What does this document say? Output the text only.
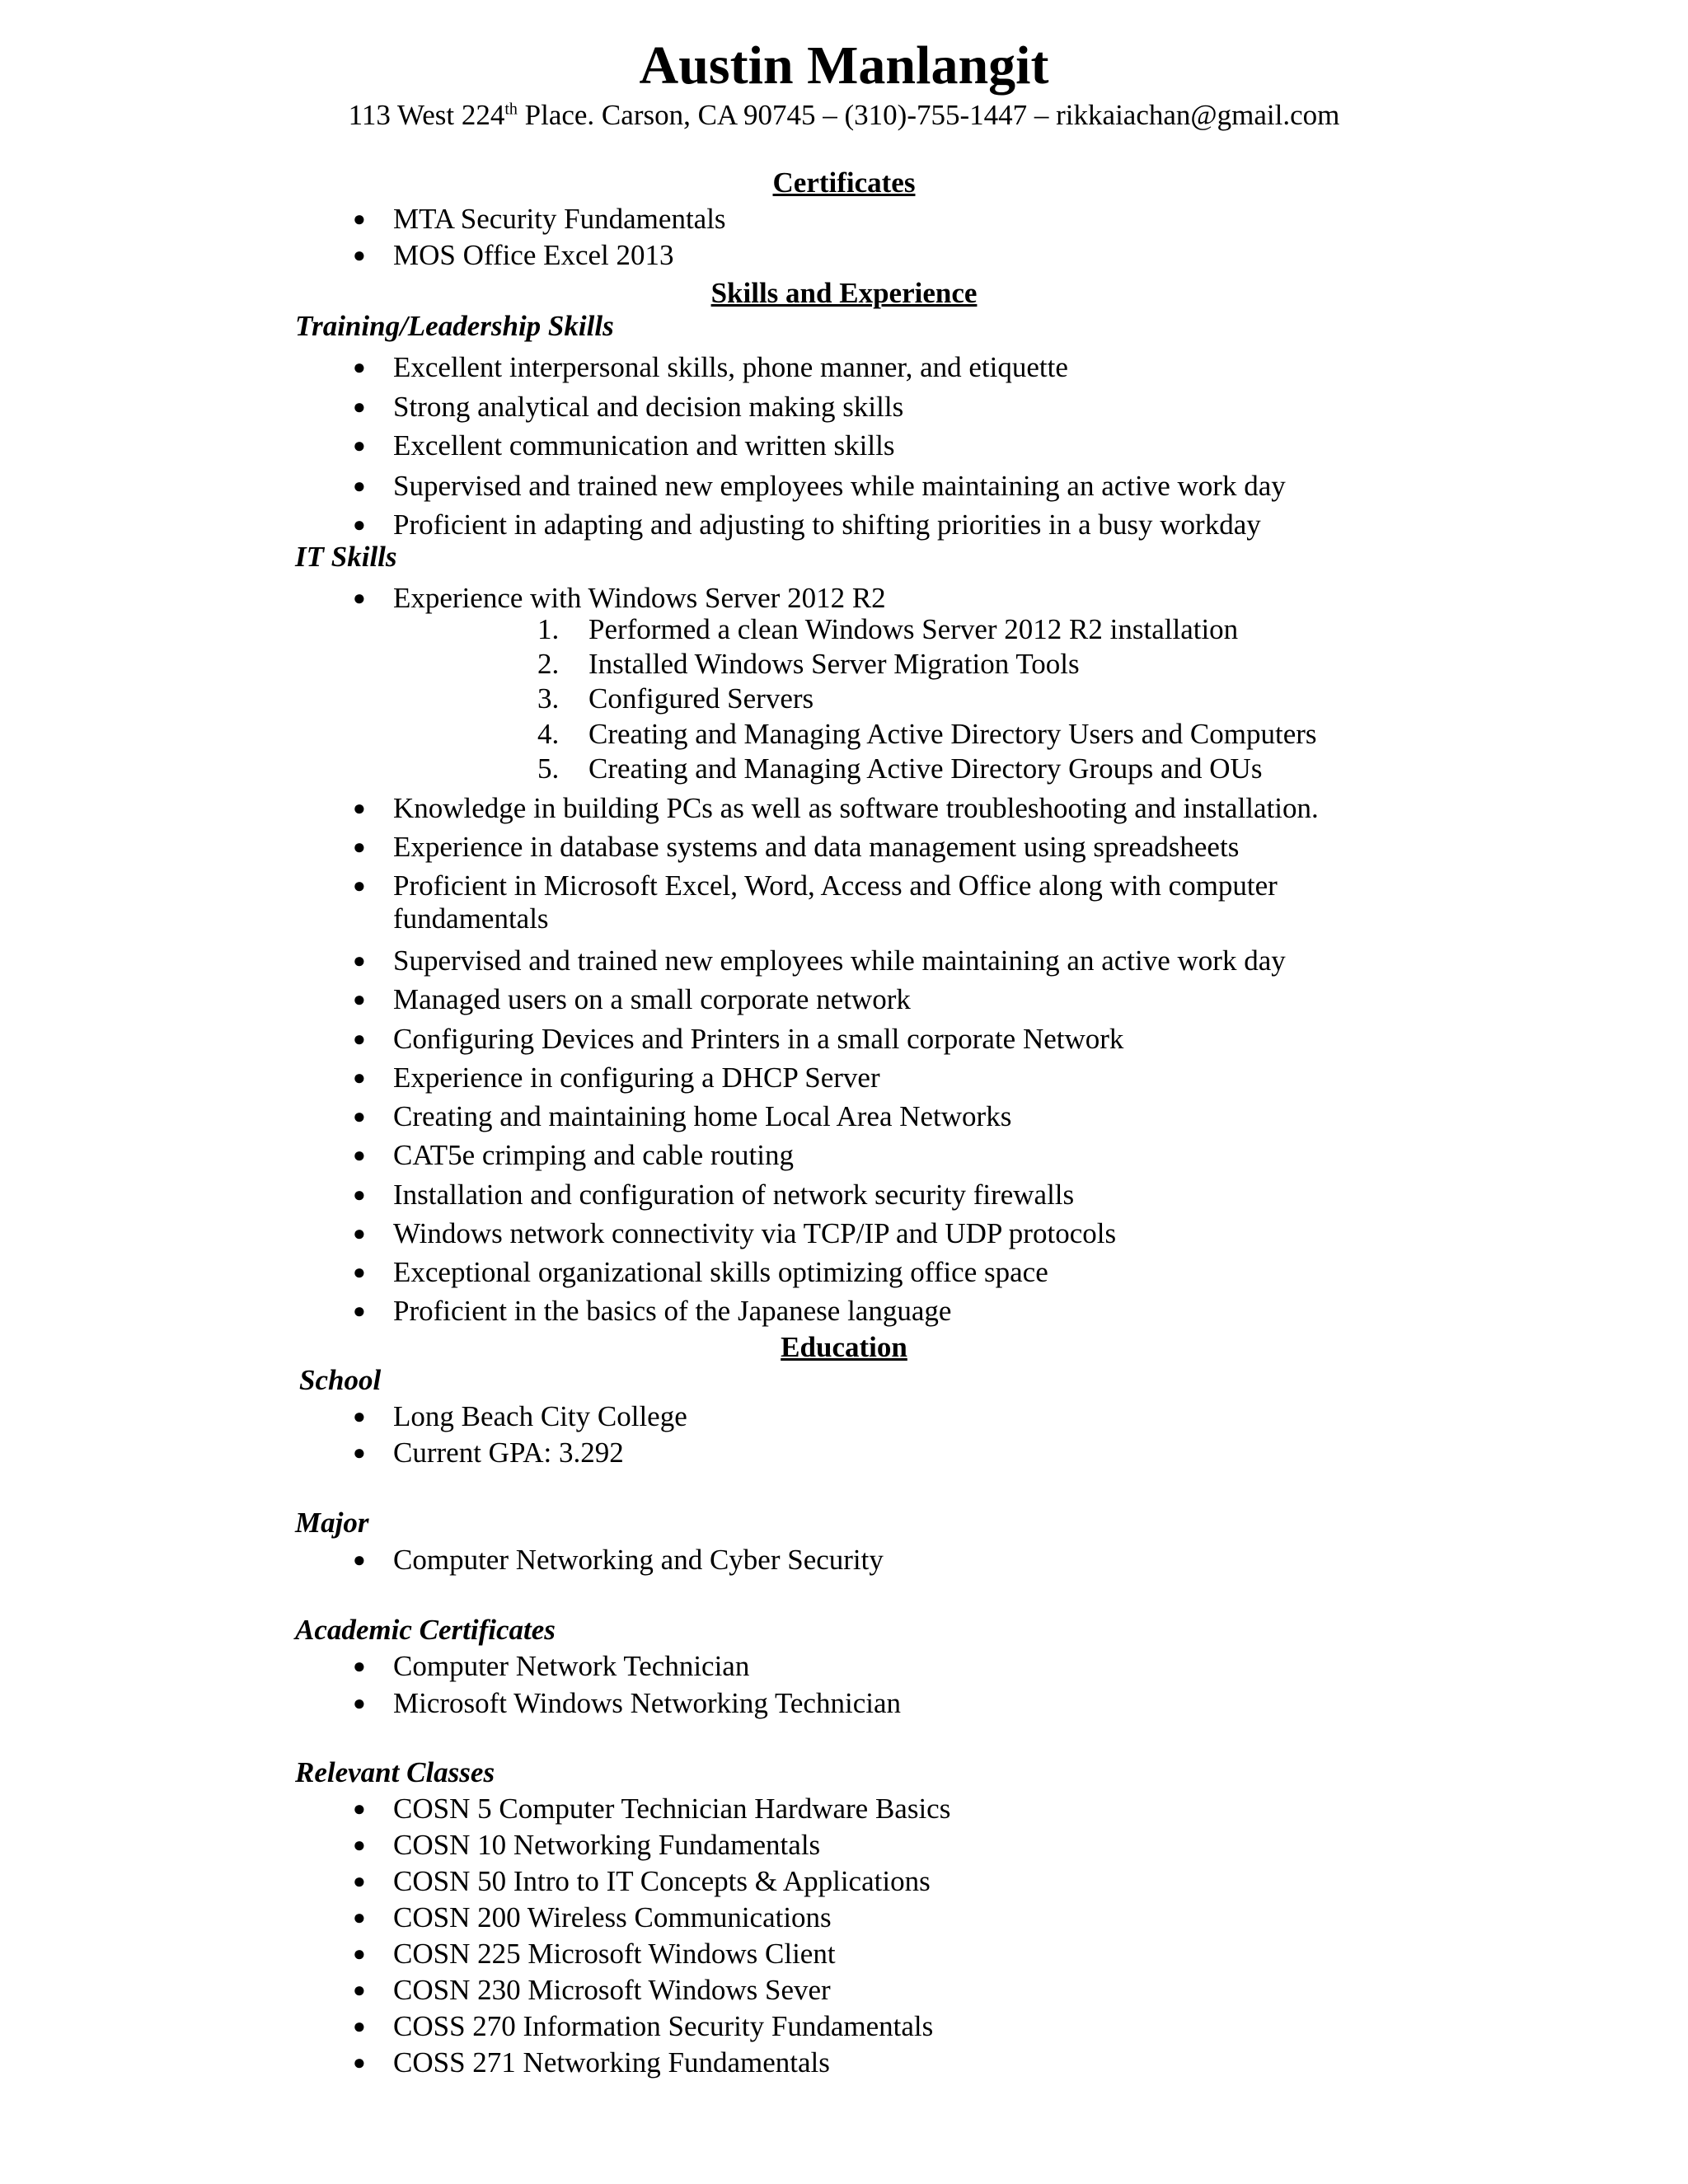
Austin Manlangit
113 West 224th Place. Carson, CA 90745 – (310)-755-1447 – rikkaiachan@gmail.com
Certificates
● MTA Security Fundamentals
● MOS Office Excel 2013
Skills and Experience
Training/Leadership Skills
● Excellent interpersonal skills, phone manner, and etiquette
● Strong analytical and decision making skills
● Excellent communication and written skills
● Supervised and trained new employees while maintaining an active work day
● Proficient in adapting and adjusting to shifting priorities in a busy workday
IT Skills
● Experience with Windows Server 2012 R2
1. Performed a clean Windows Server 2012 R2 installation
2. Installed Windows Server Migration Tools
3. Configured Servers
4. Creating and Managing Active Directory Users and Computers
5. Creating and Managing Active Directory Groups and OUs
● Knowledge in building PCs as well as software troubleshooting and installation.
● Experience in database systems and data management using spreadsheets
● Proficient in Microsoft Excel, Word, Access and Office along with computer
fundamentals
● Supervised and trained new employees while maintaining an active work day
● Managed users on a small corporate network
● Configuring Devices and Printers in a small corporate Network
● Experience in configuring a DHCP Server
● Creating and maintaining home Local Area Networks
● CAT5e crimping and cable routing
● Installation and configuration of network security firewalls
● Windows network connectivity via TCP/IP and UDP protocols
● Exceptional organizational skills optimizing office space
● Proficient in the basics of the Japanese language
Education
School
● Long Beach City College
● Current GPA: 3.292
Major
● Computer Networking and Cyber Security
Academic Certificates
● Computer Network Technician
● Microsoft Windows Networking Technician
Relevant Classes
● COSN 5 Computer Technician Hardware Basics
● COSN 10 Networking Fundamentals
● COSN 50 Intro to IT Concepts & Applications
● COSN 200 Wireless Communications
● COSN 225 Microsoft Windows Client
● COSN 230 Microsoft Windows Sever
● COSS 270 Information Security Fundamentals
● COSS 271 Networking Fundamentals
